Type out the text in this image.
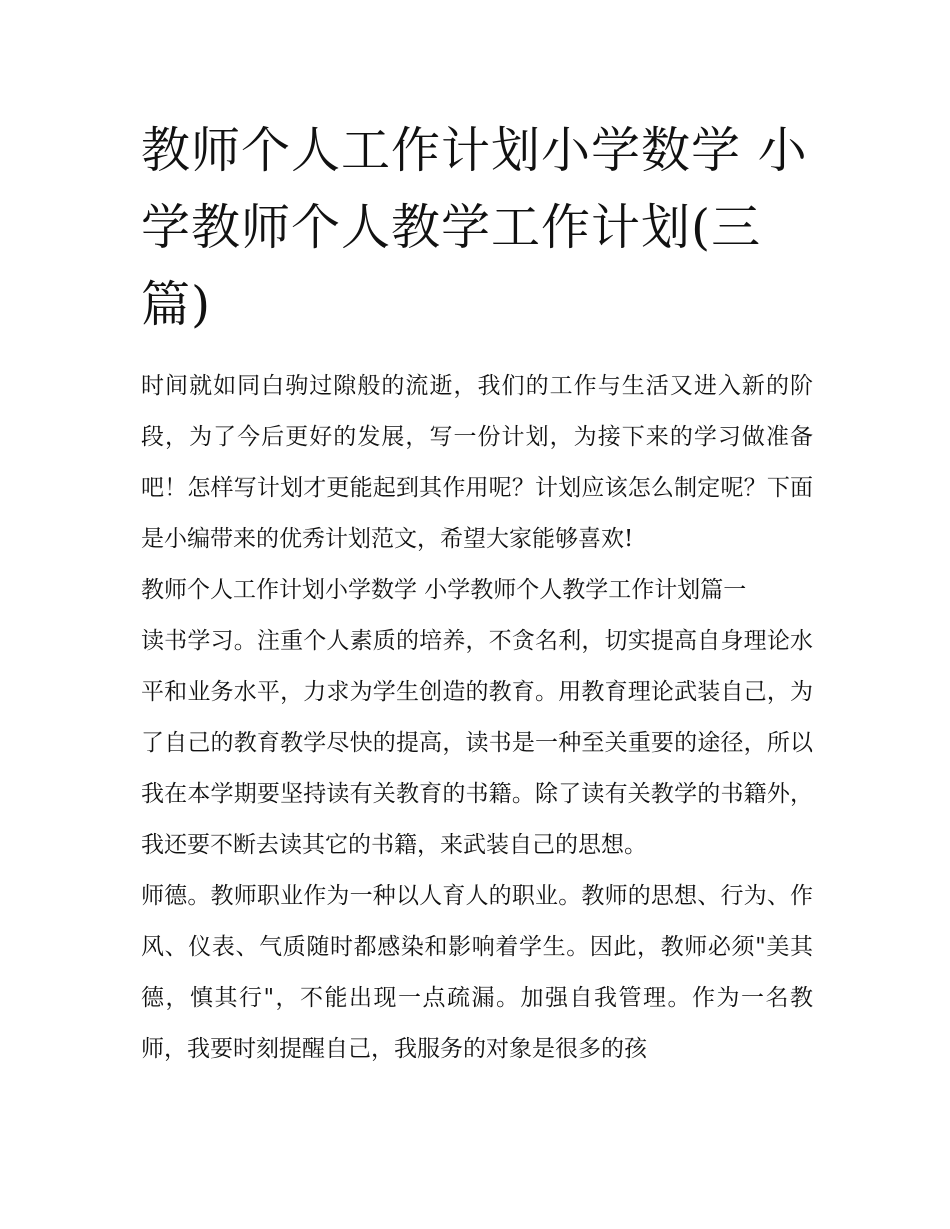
教师个人工作计划小学数学 小学教师个人教学工作计划(三篇)

时间就如同白驹过隙般的流逝，我们的工作与生活又进入新的阶段，为了今后更好的发展，写一份计划，为接下来的学习做准备吧！怎样写计划才更能起到其作用呢？计划应该怎么制定呢？下面是小编带来的优秀计划范文，希望大家能够喜欢!

教师个人工作计划小学数学 小学教师个人教学工作计划篇一

读书学习。注重个人素质的培养，不贪名利，切实提高自身理论水平和业务水平，力求为学生创造的教育。用教育理论武装自己，为了自己的教育教学尽快的提高，读书是一种至关重要的途径，所以我在本学期要坚持读有关教育的书籍。除了读有关教学的书籍外，我还要不断去读其它的书籍，来武装自己的思想。

师德。教师职业作为一种以人育人的职业。教师的思想、行为、作风、仪表、气质随时都感染和影响着学生。因此，教师必须"美其德，慎其行"，不能出现一点疏漏。加强自我管理。作为一名教师，我要时刻提醒自己，我服务的对象是很多的孩
